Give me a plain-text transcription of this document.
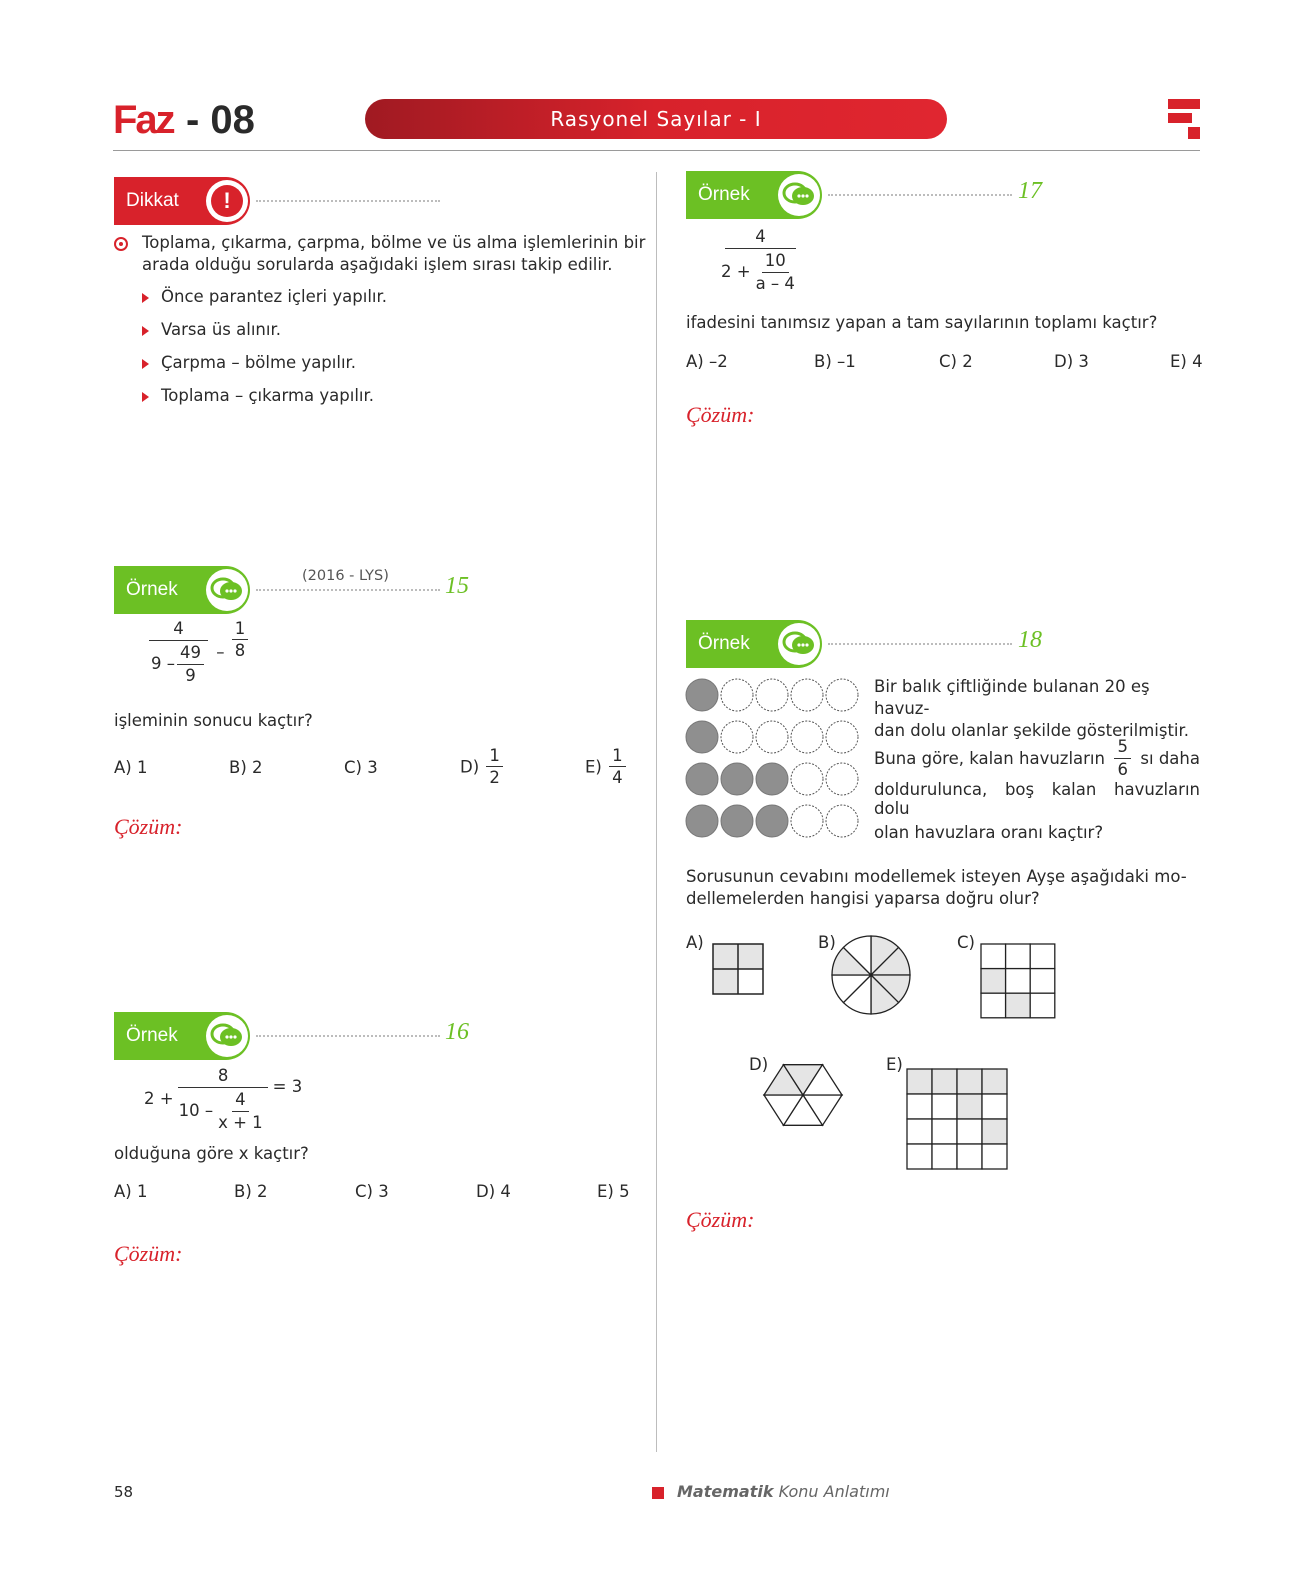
Faz - 08	Rasyonel Sayılar - I
Dikkat	!
Toplama, çıkarma, çarpma, bölme ve üs alma işlemlerinin bir
arada olduğu sorularda aşağıdaki işlem sırası takip edilir.
Önce parantez içleri yapılır.
Varsa üs alınır.
Çarpma – bölme yapılır.
Toplama – çıkarma yapılır.
Örnek
(2016 - LYS) 15
$\frac{4}{9 - \frac{49}{9}} - \frac{1}{8}$
işleminin sonucu kaçtır?
A) 1	B) 2	C) 3	$D) \frac{1}{2}$	$E) \frac{1}{4}$
Çözüm:
Örnek	16
$2 + \frac{8}{10 - \frac{4}{x + 1}} = 3$
olduğuna göre x kaçtır?
A) 1	B) 2	C) 3	D) 4	E) 5
Çözüm:
Örnek	17
$\frac{4}{2 + \frac{10}{a - 4}}$
ifadesini tanımsız yapan a tam sayılarının toplamı kaçtır?
A) –2	B) –1	C) 2	D) 3	E) 4
Çözüm:
Örnek	18
Bir balık çiftliğinde bulanan 20 eş havuz-
dan dolu olanlar şekilde gösterilmiştir.
Buna göre, kalan havuzların $\frac{5}{6}$ sı daha
doldurulunca, boş kalan havuzların dolu
olan havuzlara oranı kaçtır?
Sorusunun cevabını modellemek isteyen Ayşe aşağıdaki mo-
dellemelerden hangisi yaparsa doğru olur?
A)	B)	C)
D)	E)
Çözüm:
58	Matematik Konu Anlatımı
